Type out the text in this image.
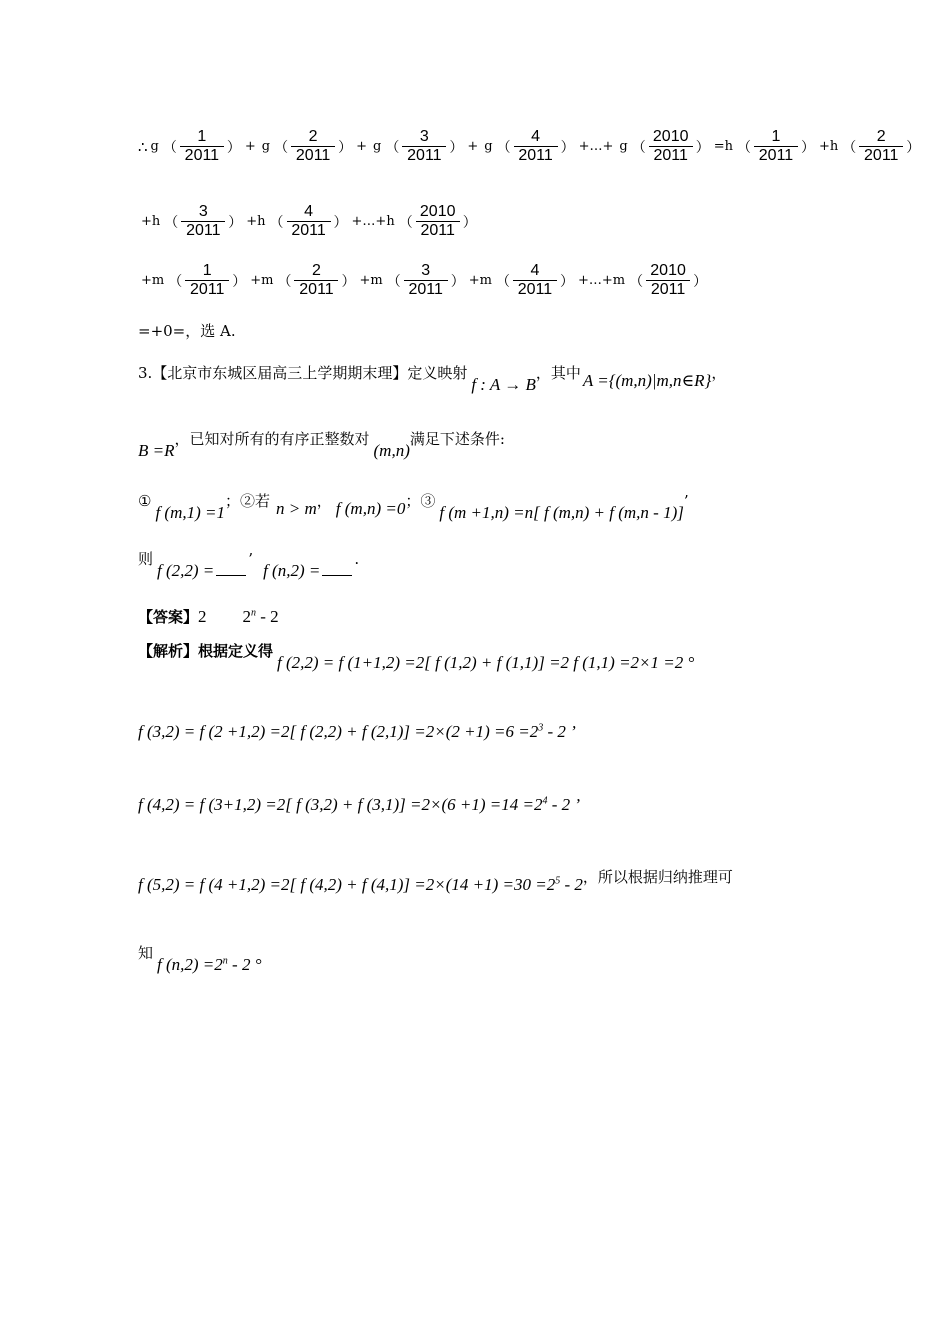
∴ g （ $\frac{1}{2011}$ ） + g （ $\frac{2}{2011}$ ） + g （ $\frac{3}{2011}$ ） + g （ $\frac{4}{2011}$ ） +…+ g （ $\frac{2010}{2011}$ ） =h （ $\frac{1}{2011}$ ） +h （ $\frac{2}{2011}$ ）
+h （ $\frac{3}{2011}$ ） +h （ $\frac{4}{2011}$ ） +…+h （ $\frac{2010}{2011}$ ）
+m （ $\frac{1}{2011}$ ） +m （ $\frac{2}{2011}$ ） +m （ $\frac{3}{2011}$ ） +m （ $\frac{4}{2011}$ ） +…+m （ $\frac{2010}{2011}$ ）
=+0=，选 A.
3.【北京市东城区届高三上学期期末理】定义映射
f : A → B
，其中 A ={(m,n)|m,n∈R} ，
B =R
，已知对所有的有序正整数对
(m,n)
满足下述条件:
①
f (m,1) =1
；②若 n > m ， f (m,n) =0 ；③
f (m +1,n) =n[ f (m,n) + f (m,n - 1)]
’
则
f (2,2) =
’
f (n,2) =
.
【答案】 2 2$^n$ - 2
【解析】根据定义得
f (2,2) = f (1+1,2) =2[ f (1,2) + f (1,1)] =2 f (1,1) =2×1 =2 °
f (3,2) = f (2 +1,2) =2[ f (2,2) + f $(2,1)] =2\times(2 +1) =6 =2^3 - 2$ ’
f (4,2) = f (3+1,2) =2[ f (3,2) + f $(3,1)] =2\times(6 +1) =14 =2^4 - 2$ ’
f (5,2) = f (4 +1,2) =2[ f (4,2) + f $(4,1)] =2\times(14 +1) =30 =2^5 - 2$ ，所以根据归纳推理可
知
f $(n,2) =2^n - 2$ °
